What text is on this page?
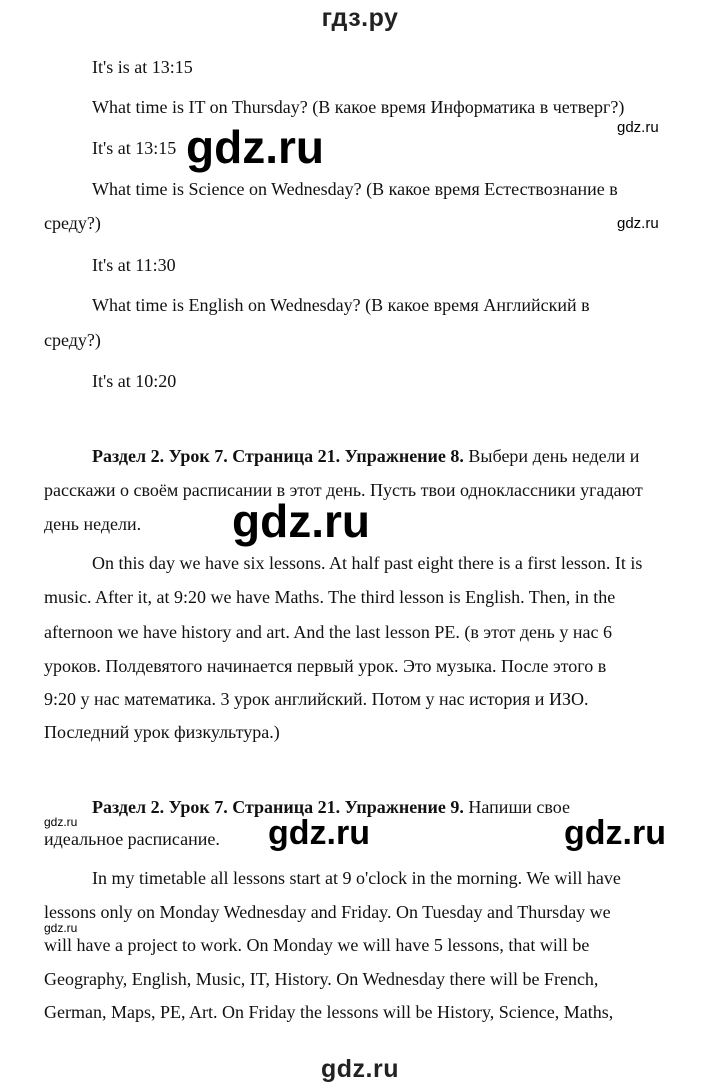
гдз.ру
It's is at 13:15
What time is IT on Thursday? (В какое время Информатика в четверг?)
gdz.ru
It's at 13:15 gdz.ru
What time is Science on Wednesday? (В какое время Естествознание в
среду?)	gdz.ru
It's at 11:30
What time is English on Wednesday? (В какое время Английский в
среду?)
It's at 10:20
Раздел 2. Урок 7. Страница 21. Упражнение 8. Выбери день недели и
расскажи о своём расписании в этот день. Пусть твои одноклассники угадают
день недели. gdz.ru
On this day we have six lessons. At half past eight there is a first lesson. It is
music. After it, at 9:20 we have Maths. The third lesson is English. Then, in the
afternoon we have history and art. And the last lesson PE. (в этот день у нас 6
уроков. Полдевятого начинается первый урок. Это музыка. После этого в
9:20 у нас математика. 3 урок английский. Потом у нас история и ИЗО.
Последний урок физкультура.)
Раздел 2. Урок 7. Страница 21. Упражнение 9. Напиши свое
gdz.ru
идеальное расписание. gdz.ru	gdz.ru
In my timetable all lessons start at 9 o'clock in the morning. We will have
lessons only on Monday Wednesday and Friday. On Tuesday and Thursday we
gdz.ru
will have a project to work. On Monday we will have 5 lessons, that will be
Geography, English, Music, IT, History. On Wednesday there will be French,
German, Maps, PE, Art. On Friday the lessons will be History, Science, Maths,
gdz.ru
